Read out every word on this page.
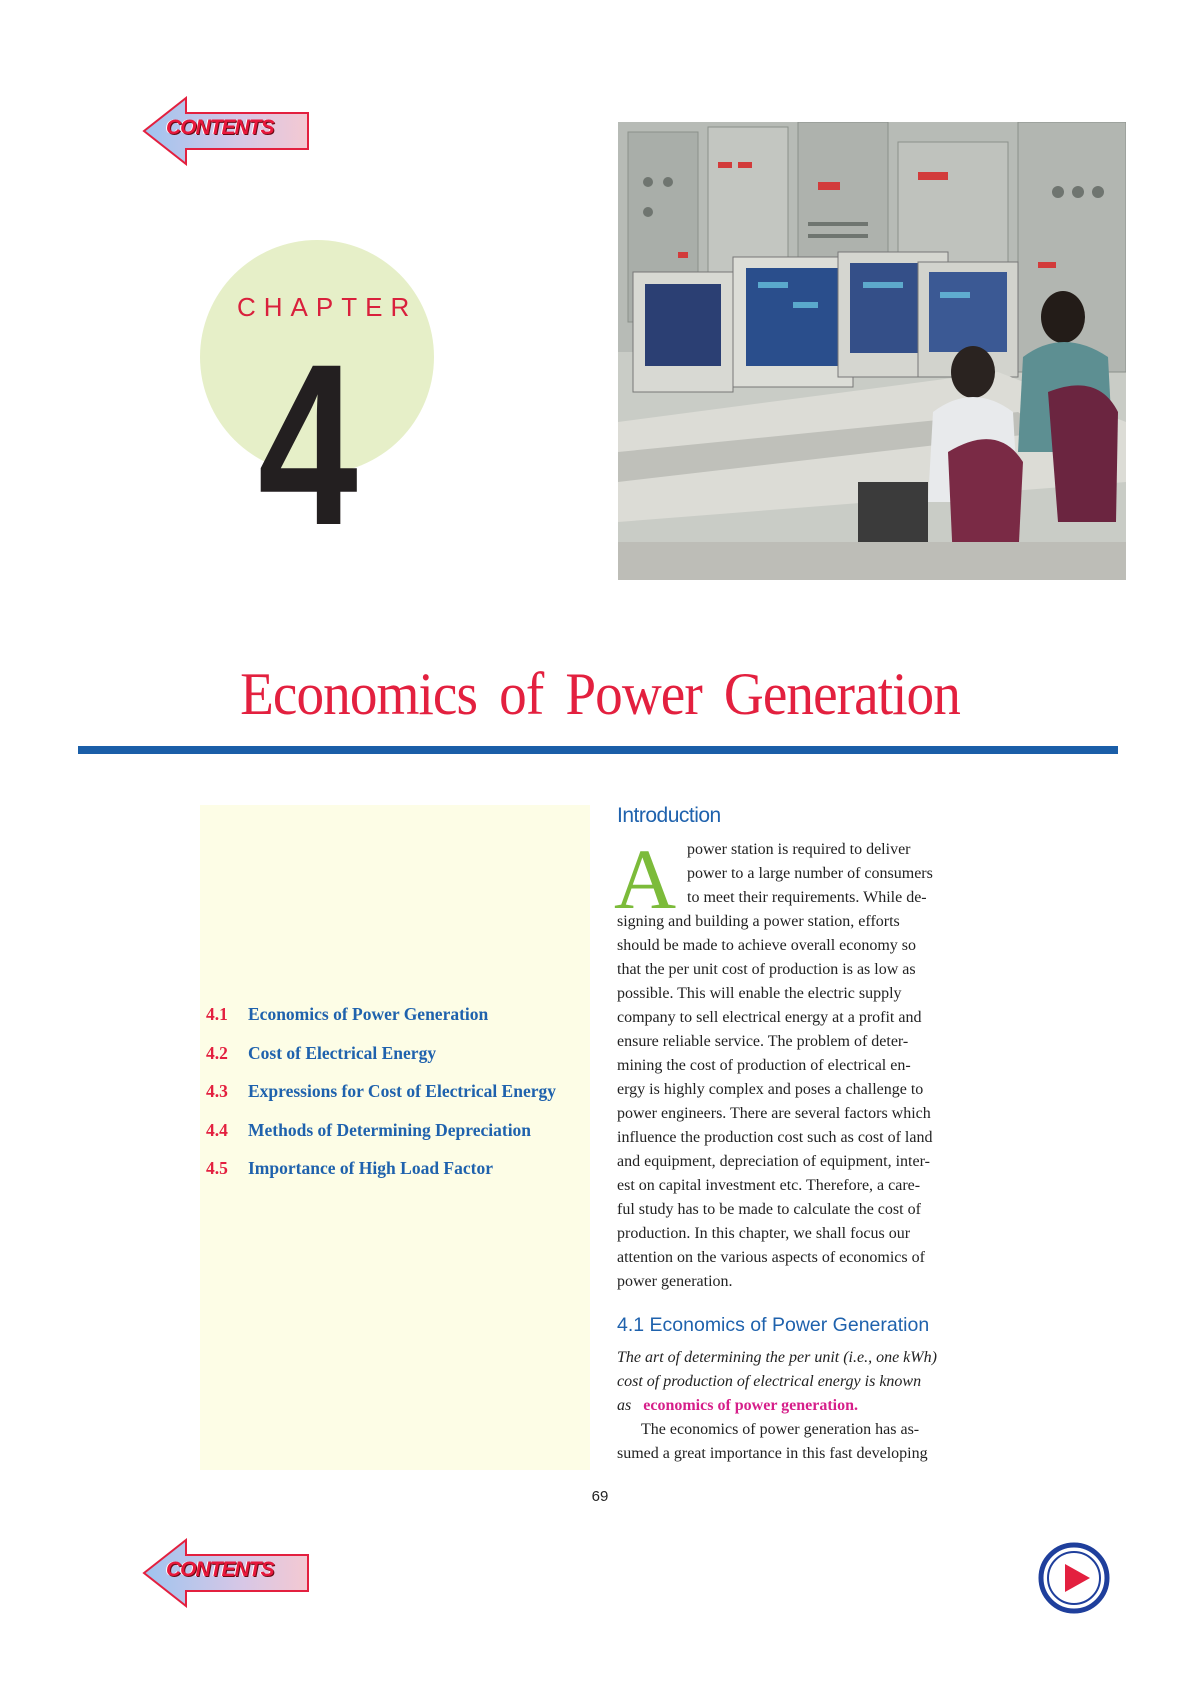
CONTENTS
CHAPTER
4
Economics of Power Generation
4.1 Economics of Power Generation
4.2 Cost of Electrical Energy
4.3 Expressions for Cost of Electrical Energy
4.4 Methods of Determining Depreciation
4.5 Importance of High Load Factor
Introduction
A power station is required to deliver
power to a large number of consumers
to meet their requirements. While de-
signing and building a power station, efforts
should be made to achieve overall economy so
that the per unit cost of production is as low as
possible. This will enable the electric supply
company to sell electrical energy at a profit and
ensure reliable service. The problem of deter-
mining the cost of production of electrical en-
ergy is highly complex and poses a challenge to
power engineers. There are several factors which
influence the production cost such as cost of land
and equipment, depreciation of equipment, inter-
est on capital investment etc. Therefore, a care-
ful study has to be made to calculate the cost of
production. In this chapter, we shall focus our
attention on the various aspects of economics of
power generation.
4.1 Economics of Power Generation
The art of determining the per unit (i.e., one kWh)
cost of production of electrical energy is known
as economics of power generation.
The economics of power generation has as-
sumed a great importance in this fast developing
69
CONTENTS
